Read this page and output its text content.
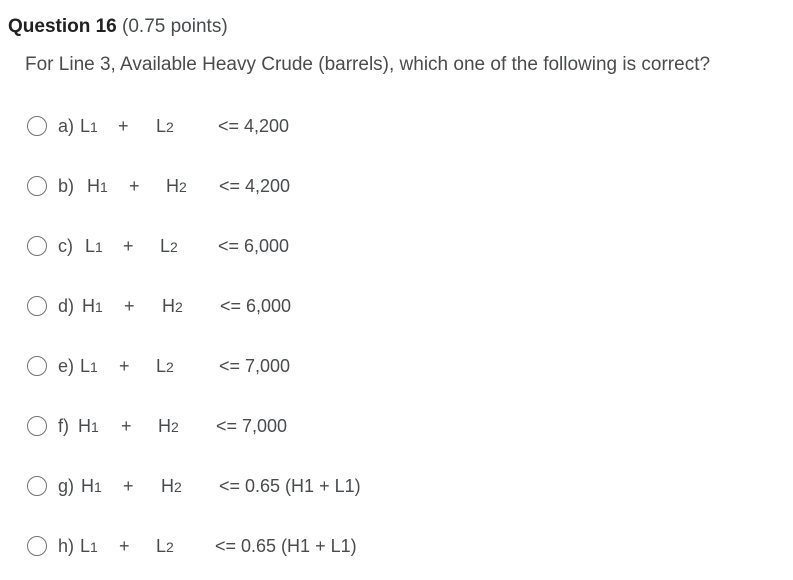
Question 16 (0.75 points)
For Line 3, Available Heavy Crude (barrels), which one of the following is correct?
a) L1 + L2 <= 4,200
b) H1 + H2 <= 4,200
c) L1 + L2 <= 6,000
d) H1 + H2 <= 6,000
e) L1 + L2	<= 7,000
f) H1 + H2 <= 7,000
g) H1 + H2 <= 0.65 (H1 + L1)
h) L1 + L2 <= 0.65 (H1 + L1)
